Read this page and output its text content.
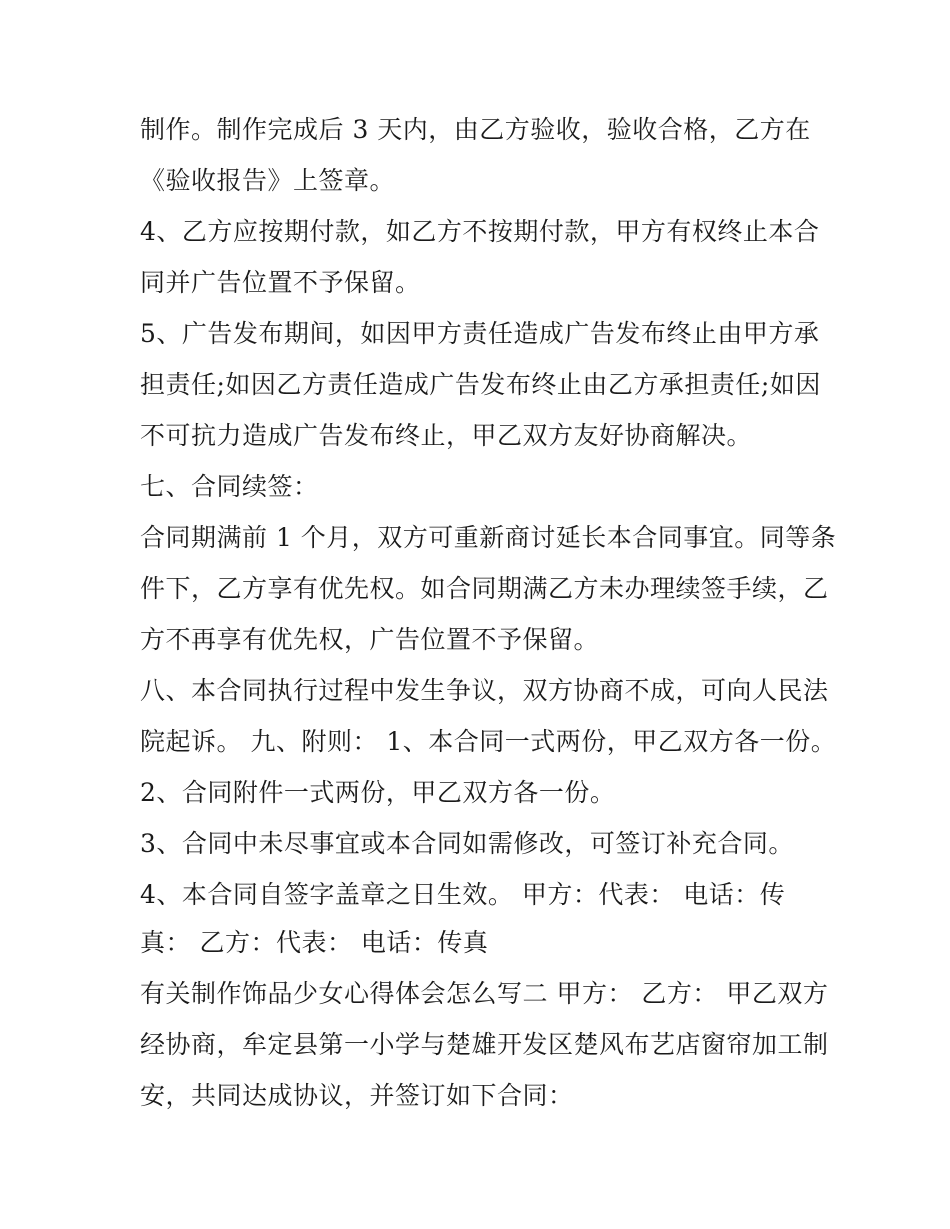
制作。制作完成后 3 天内，由乙方验收，验收合格，乙方在
《验收报告》上签章。
4、乙方应按期付款，如乙方不按期付款，甲方有权终止本合
同并广告位置不予保留。
5、广告发布期间，如因甲方责任造成广告发布终止由甲方承
担责任;如因乙方责任造成广告发布终止由乙方承担责任;如因
不可抗力造成广告发布终止，甲乙双方友好协商解决。
七、合同续签：
合同期满前 1 个月，双方可重新商讨延长本合同事宜。同等条
件下，乙方享有优先权。如合同期满乙方未办理续签手续，乙
方不再享有优先权，广告位置不予保留。
八、本合同执行过程中发生争议，双方协商不成，可向人民法
院起诉。 九、附则： 1、本合同一式两份，甲乙双方各一份。
2、合同附件一式两份，甲乙双方各一份。
3、合同中未尽事宜或本合同如需修改，可签订补充合同。
4、本合同自签字盖章之日生效。 甲方：代表： 电话：传
真： 乙方：代表： 电话：传真
有关制作饰品少女心得体会怎么写二 甲方： 乙方： 甲乙双方
经协商，牟定县第一小学与楚雄开发区楚风布艺店窗帘加工制
安，共同达成协议，并签订如下合同：
